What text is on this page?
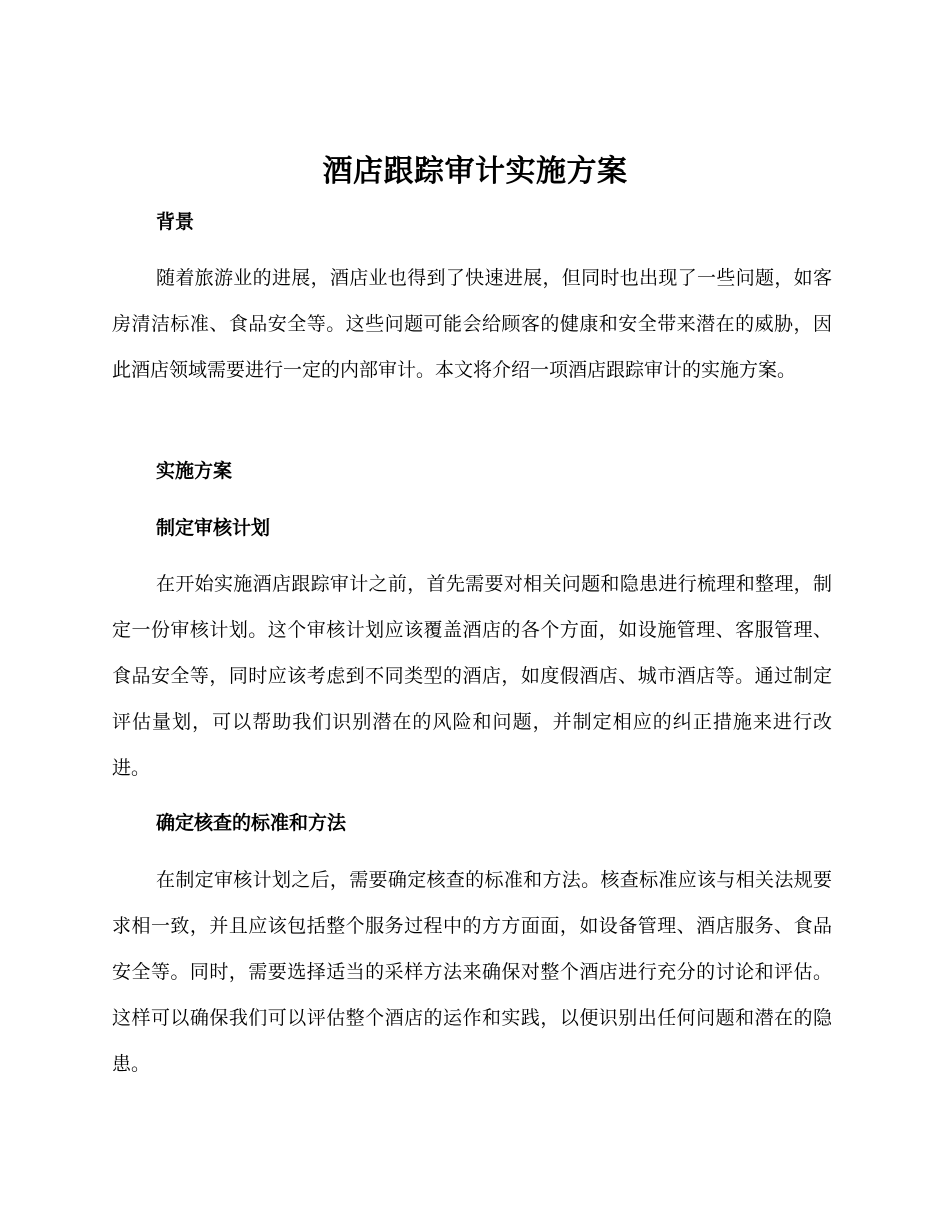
酒店跟踪审计实施方案
背景

随着旅游业的进展，酒店业也得到了快速进展，但同时也出现了一些问题，如客房清洁标准、食品安全等。这些问题可能会给顾客的健康和安全带来潜在的威胁，因此酒店领域需要进行一定的内部审计。本文将介绍一项酒店跟踪审计的实施方案。

实施方案
制定审核计划

在开始实施酒店跟踪审计之前，首先需要对相关问题和隐患进行梳理和整理，制定一份审核计划。这个审核计划应该覆盖酒店的各个方面，如设施管理、客服管理、食品安全等，同时应该考虑到不同类型的酒店，如度假酒店、城市酒店等。通过制定评估量划，可以帮助我们识别潜在的风险和问题，并制定相应的纠正措施来进行改进。

确定核查的标准和方法

在制定审核计划之后，需要确定核查的标准和方法。核查标准应该与相关法规要求相一致，并且应该包括整个服务过程中的方方面面，如设备管理、酒店服务、食品安全等。同时，需要选择适当的采样方法来确保对整个酒店进行充分的讨论和评估。这样可以确保我们可以评估整个酒店的运作和实践，以便识别出任何问题和潜在的隐患。
